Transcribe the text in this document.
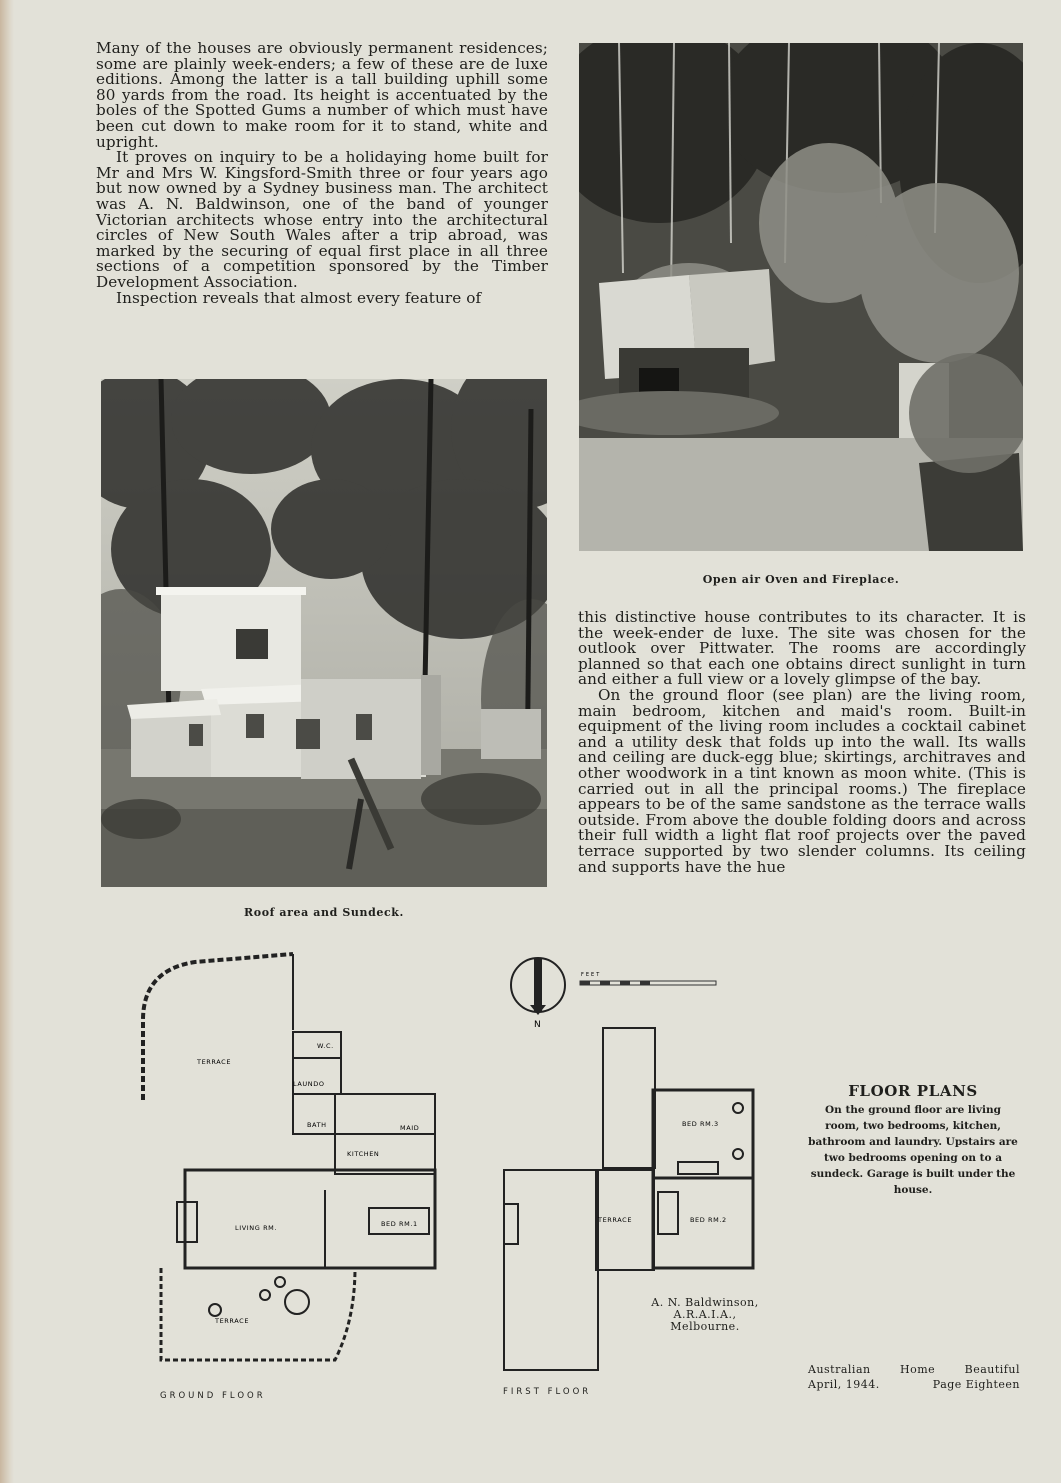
Many of the houses are obviously permanent residences; some are plainly week-enders; a few of these are de luxe editions. Among the latter is a tall building uphill some 80 yards from the road. Its height is accentuated by the boles of the Spotted Gums a number of which must have been cut down to make room for it to stand, white and upright.

It proves on inquiry to be a holidaying home built for Mr and Mrs W. Kingsford-Smith three or four years ago but now owned by a Sydney business man. The architect was A. N. Baldwinson, one of the band of younger Victorian architects whose entry into the architectural circles of New South Wales after a trip abroad, was marked by the securing of equal first place in all three sections of a competition sponsored by the Timber Development Association.

Inspection reveals that almost every feature of

Roof area and Sundeck.
Open air Oven and Fireplace.

this distinctive house contributes to its character. It is the week-ender de luxe. The site was chosen for the outlook over Pittwater. The rooms are accordingly planned so that each one obtains direct sunlight in turn and either a full view or a lovely glimpse of the bay.

On the ground floor (see plan) are the living room, main bedroom, kitchen and maid's room. Built-in equipment of the living room includes a cocktail cabinet and a utility desk that folds up into the wall. Its walls and ceiling are duck-egg blue; skirtings, architraves and other woodwork in a tint known as moon white. (This is carried out in all the principal rooms.) The fireplace appears to be of the same sandstone as the terrace walls outside. From above the double folding doors and across their full width a light flat roof projects over the paved terrace supported by two slender columns. Its ceiling and supports have the hue

TERRACE
W.C.
LAUNDO
BATH	MAID
KITCHEN
LIVING RM.	BED RM.1
TERRACE
GROUND FLOOR
N
FEET
BED RM.3
TERRACE	BED RM.2
FIRST FLOOR
A. N. Baldwinson,
A.R.A.I.A.,
Melbourne.
FLOOR PLANS
On the ground floor are living room, two bedrooms, kitchen, bathroom and laundry. Upstairs are two bedrooms opening on to a sundeck. Garage is built under the house.
Australian	Home	Beautiful
April, 1944.	Page Eighteen
